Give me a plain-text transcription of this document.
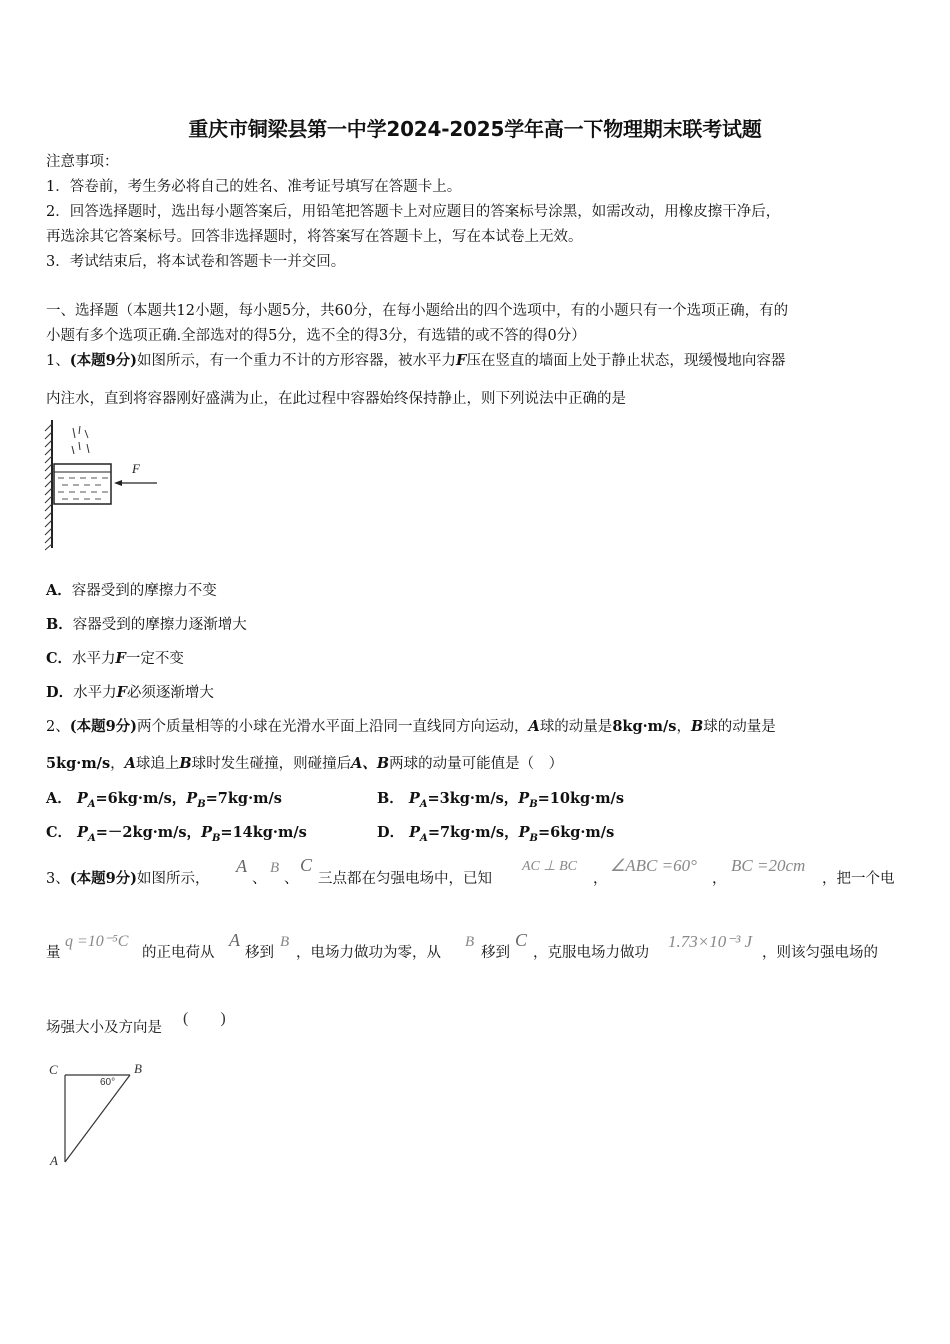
重庆市铜梁县第一中学2024-2025学年高一下物理期末联考试题
注意事项：
1．答卷前，考生务必将自己的姓名、准考证号填写在答题卡上。
2．回答选择题时，选出每小题答案后，用铅笔把答题卡上对应题目的答案标号涂黑，如需改动，用橡皮擦干净后，
再选涂其它答案标号。回答非选择题时，将答案写在答题卡上，写在本试卷上无效。
3．考试结束后，将本试卷和答题卡一并交回。
一、选择题（本题共12小题，每小题5分，共60分，在每小题给出的四个选项中，有的小题只有一个选项正确，有的
小题有多个选项正确.全部选对的得5分，选不全的得3分，有选错的或不答的得0分）
1、(本题9分)如图所示，有一个重力不计的方形容器，被水平力F压在竖直的墙面上处于静止状态，现缓慢地向容器
内注水，直到将容器刚好盛满为止，在此过程中容器始终保持静止，则下列说法中正确的是
F
A．容器受到的摩擦力不变
B．容器受到的摩擦力逐渐增大
C．水平力F一定不变
D．水平力F必须逐渐增大
2、(本题9分)两个质量相等的小球在光滑水平面上沿同一直线同方向运动，A球的动量是8kg·m/s，B球的动量是
5kg·m/s，A球追上B球时发生碰撞，则碰撞后A、B两球的动量可能值是（　）
A． $P_A=6kg\cdot m/s$，$P_B=7kg\cdot m/s$	B． $P_A=3kg\cdot m/s$，$P_B=10kg\cdot m/s$
C． $P_A=-2kg\cdot m/s$，$P_B=14kg\cdot m/s$	D． $P_A=7kg\cdot m/s$，$P_B=6kg\cdot m/s$
3、(本题9分)如图所示，
A
、
B
、
C
三点都在匀强电场中，已知
AC ⊥ BC
，
∠ABC =60°
，
BC =20cm
，把一个电
量
q =10⁻⁵C
的正电荷从
A
移到
B
，电场力做功为零，从
B
移到
C
，克服电场力做功
1.73×10⁻³ J
，则该匀强电场的
场强大小及方向是
(　　)
C	B
A
60°
